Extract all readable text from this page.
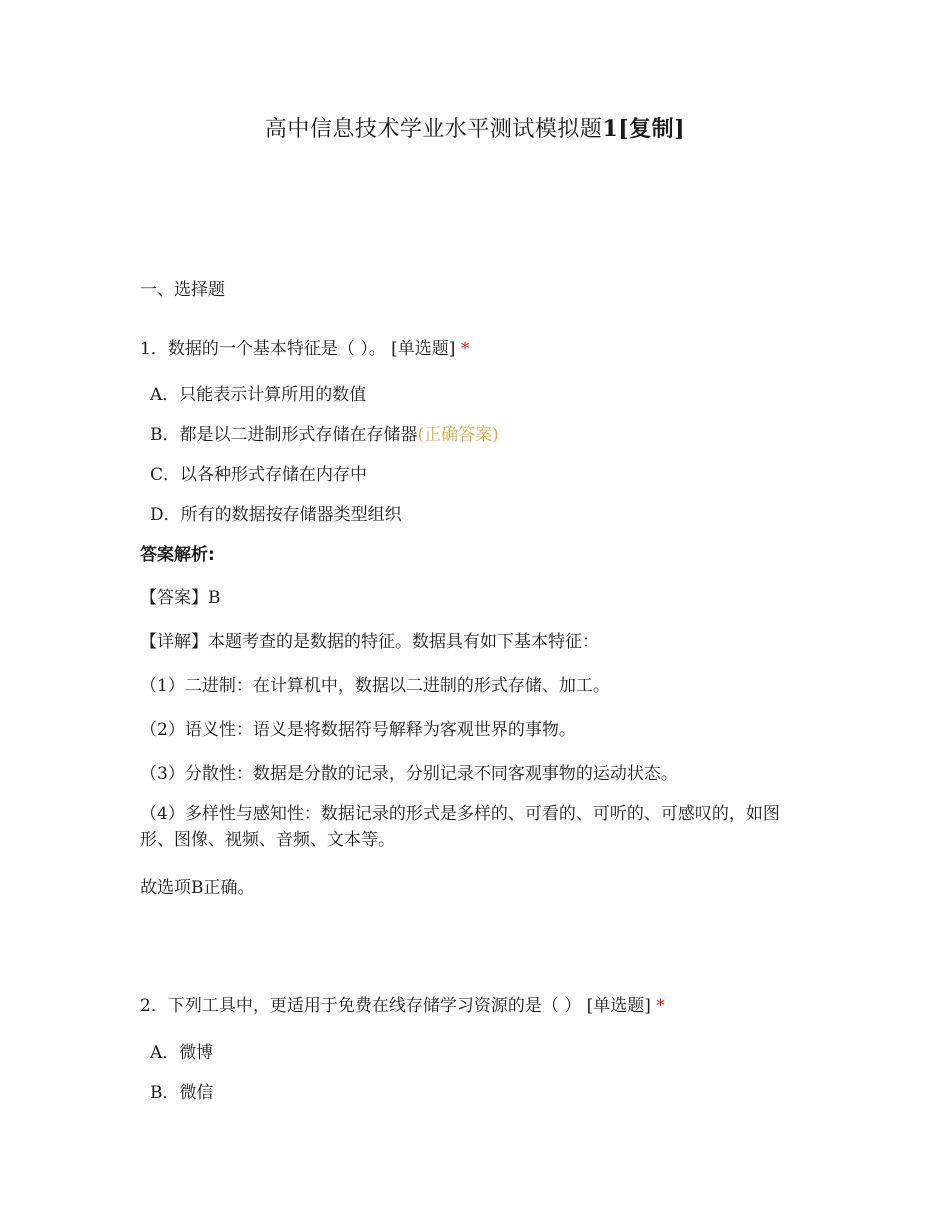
高中信息技术学业水平测试模拟题1[复制]
一、选择题
1．数据的一个基本特征是（ ）。 [单选题] *
A．只能表示计算所用的数值
B．都是以二进制形式存储在存储器(正确答案)
C．以各种形式存储在内存中
D．所有的数据按存储器类型组织
答案解析:
【答案】B
【详解】本题考查的是数据的特征。数据具有如下基本特征：
（1）二进制：在计算机中，数据以二进制的形式存储、加工。
（2）语义性：语义是将数据符号解释为客观世界的事物。
（3）分散性：数据是分散的记录，分别记录不同客观事物的运动状态。
（4）多样性与感知性：数据记录的形式是多样的、可看的、可听的、可感叹的，如图形、图像、视频、音频、文本等。
故选项B正确。
2．下列工具中，更适用于免费在线存储学习资源的是（ ） [单选题] *
A．微博
B．微信
